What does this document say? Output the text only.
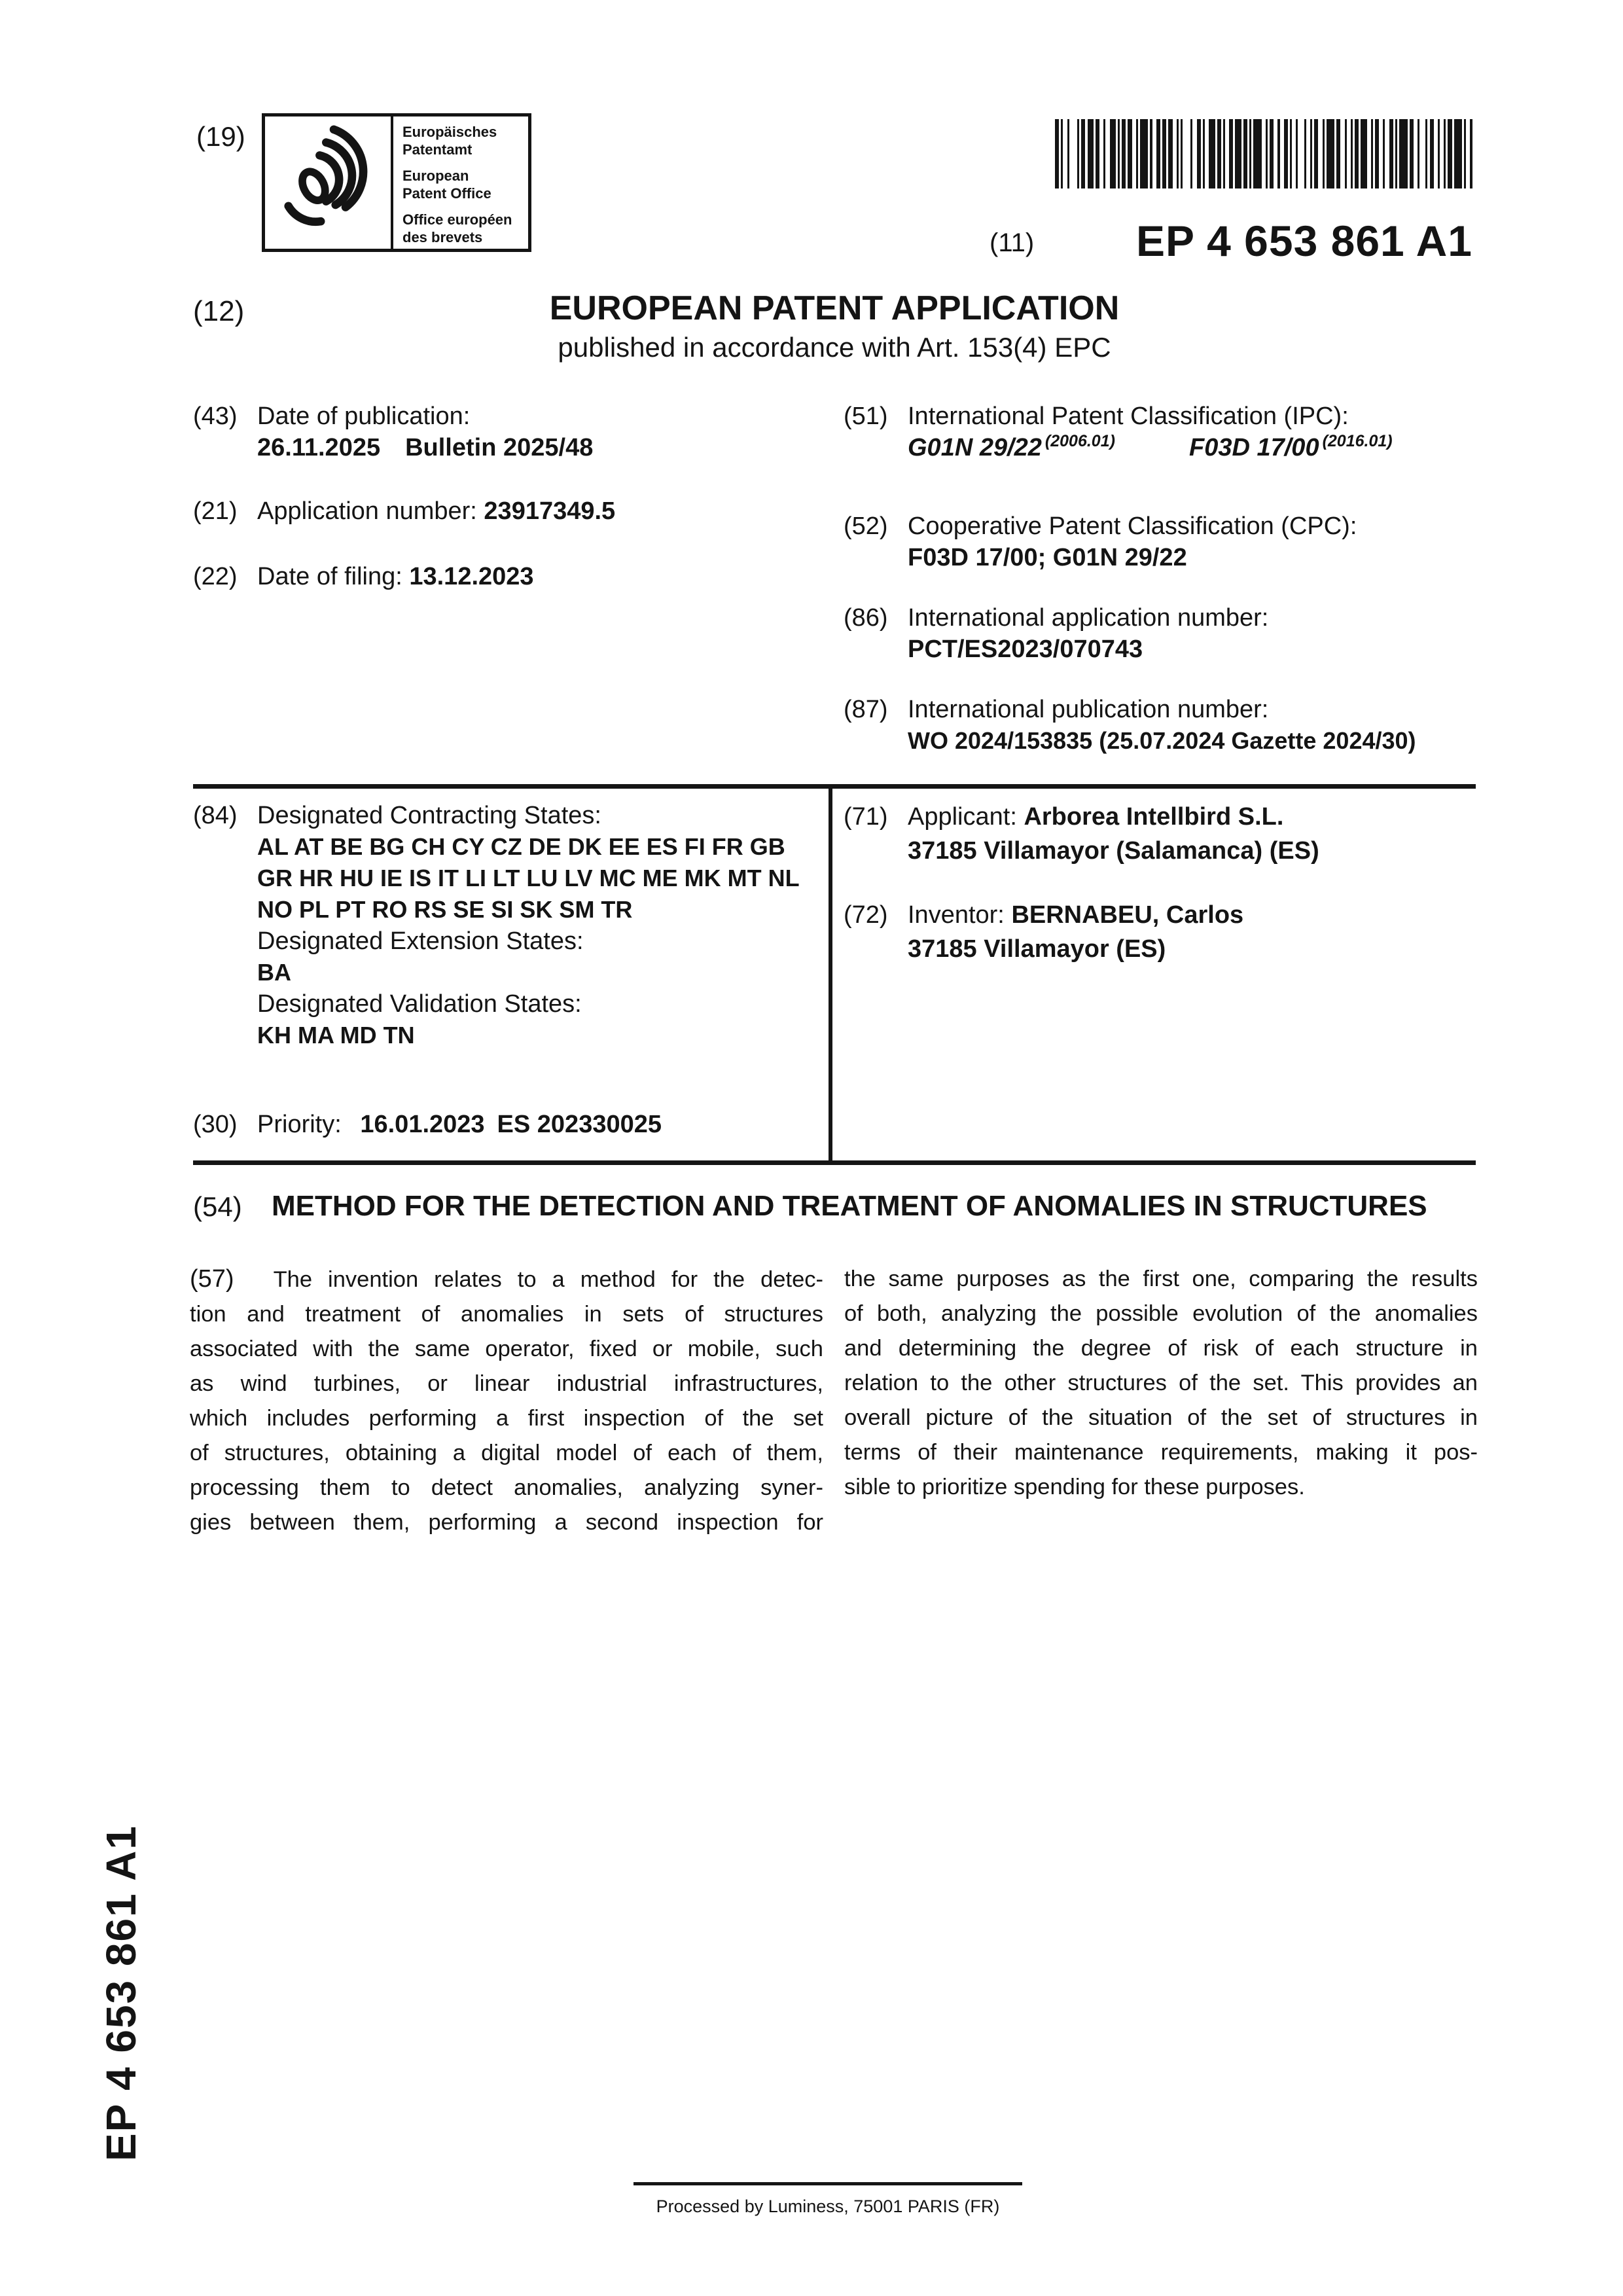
(19)	Europäisches
Patentamt
European
Patent Office
Office européen
des brevets	(11)	EP 4 653 861 A1
(12)	EUROPEAN PATENT APPLICATION
published in accordance with Art. 153(4) EPC
(43) Date of publication:
26.11.2025  Bulletin 2025/48
(21) Application number: 23917349.5
(22) Date of filing: 13.12.2023
(51) International Patent Classification (IPC):
G01N 29/22 $^{(2006.01)}$	F03D 17/00 $^{(2016.01)}$
(52) Cooperative Patent Classification (CPC):
F03D 17/00; G01N 29/22
(86) International application number:
PCT/ES2023/070743
(87) International publication number:
WO 2024/153835 (25.07.2024 Gazette 2024/30)
(84) Designated Contracting States:
AL AT BE BG CH CY CZ DE DK EE ES FI FR GB
GR HR HU IE IS IT LI LT LU LV MC ME MK MT NL
NO PL PT RO RS SE SI SK SM TR
Designated Extension States:
BA
Designated Validation States:
KH MA MD TN
(30) Priority: 16.01.2023 ES 202330025
(71) Applicant: Arborea Intellbird S.L.
37185 Villamayor (Salamanca) (ES)
(72) Inventor: BERNABEU, Carlos
37185 Villamayor (ES)
(54) METHOD FOR THE DETECTION AND TREATMENT OF ANOMALIES IN STRUCTURES
(57) The invention relates to a method for the detec-
tion and treatment of anomalies in sets of structures
associated with the same operator, fixed or mobile, such
as wind turbines, or linear industrial infrastructures,
which includes performing a first inspection of the set
of structures, obtaining a digital model of each of them,
processing them to detect anomalies, analyzing syner-
gies between them, performing a second inspection for
the same purposes as the first one, comparing the results
of both, analyzing the possible evolution of the anomalies
and determining the degree of risk of each structure in
relation to the other structures of the set. This provides an
overall picture of the situation of the set of structures in
terms of their maintenance requirements, making it pos-
sible to prioritize spending for these purposes.
EP 4 653 861 A1
Processed by Luminess, 75001 PARIS (FR)
